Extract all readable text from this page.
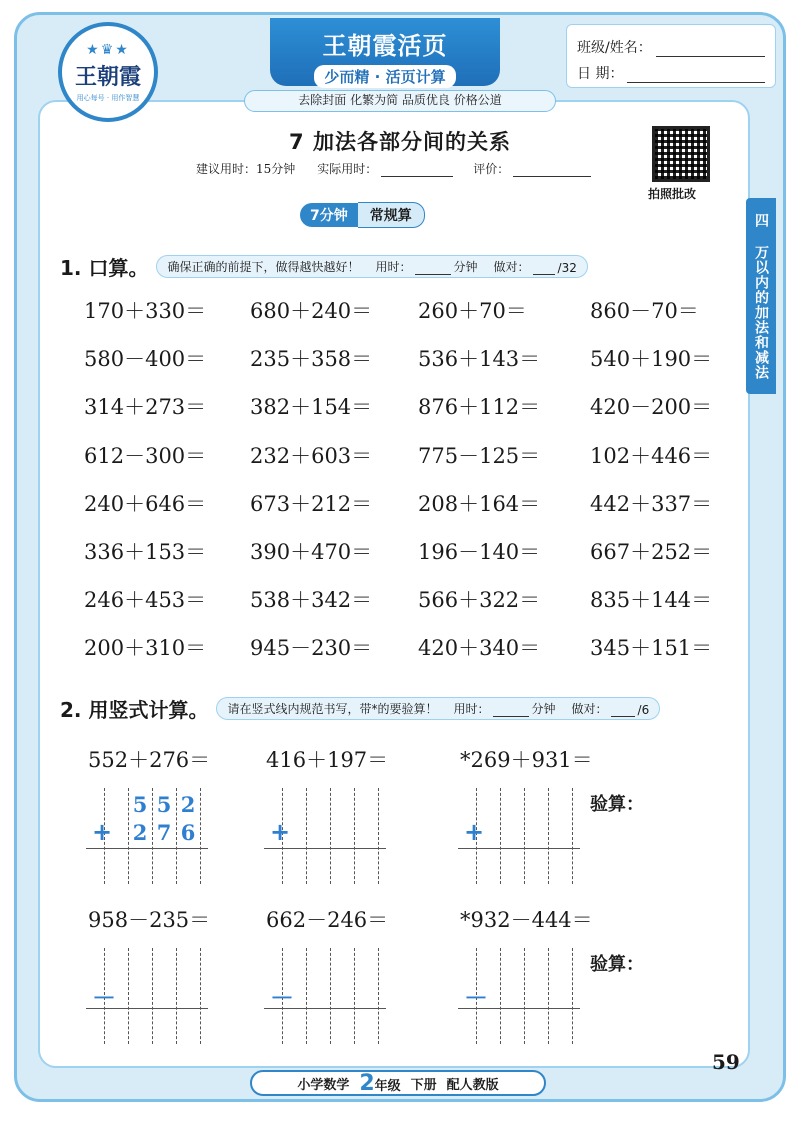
★♛★
王朝霞
用心每号 · 用作智慧
王朝霞活页
少而精 · 活页计算
去除封面 化繁为简 品质优良 价格公道
班级/姓名：
日 期：
7 加法各部分间的关系
建议用时：15分钟 实际用时：	评价：
拍照批改
四 万以内的加法和减法
7分钟	常规算
1. 口算。 确保正确的前提下，做得越快越好！ 用时：	分钟 做对： /32
170＋330＝	680＋240＝	260＋70＝	860－70＝
580－400＝	235＋358＝	536＋143＝	540＋190＝
314＋273＝	382＋154＝	876＋112＝	420－200＝
612－300＝	232＋603＝	775－125＝	102＋446＝
240＋646＝	673＋212＝	208＋164＝	442＋337＝
336＋153＝	390＋470＝	196－140＝	667＋252＝
246＋453＝	538＋342＝	566＋322＝	835＋144＝
200＋310＝	945－230＝	420＋340＝	345＋151＝
2. 用竖式计算。 请在竖式线内规范书写，带*的要验算！ 用时：	分钟 做对：	/6
552＋276＝
+
5 5 2
2 7 6
416＋197＝
+
*269＋931＝
+
958－235＝
－
662－246＝
－
*932－444＝
－
验算：
验算：
小学数学 2年级 下册 配人教版
59
